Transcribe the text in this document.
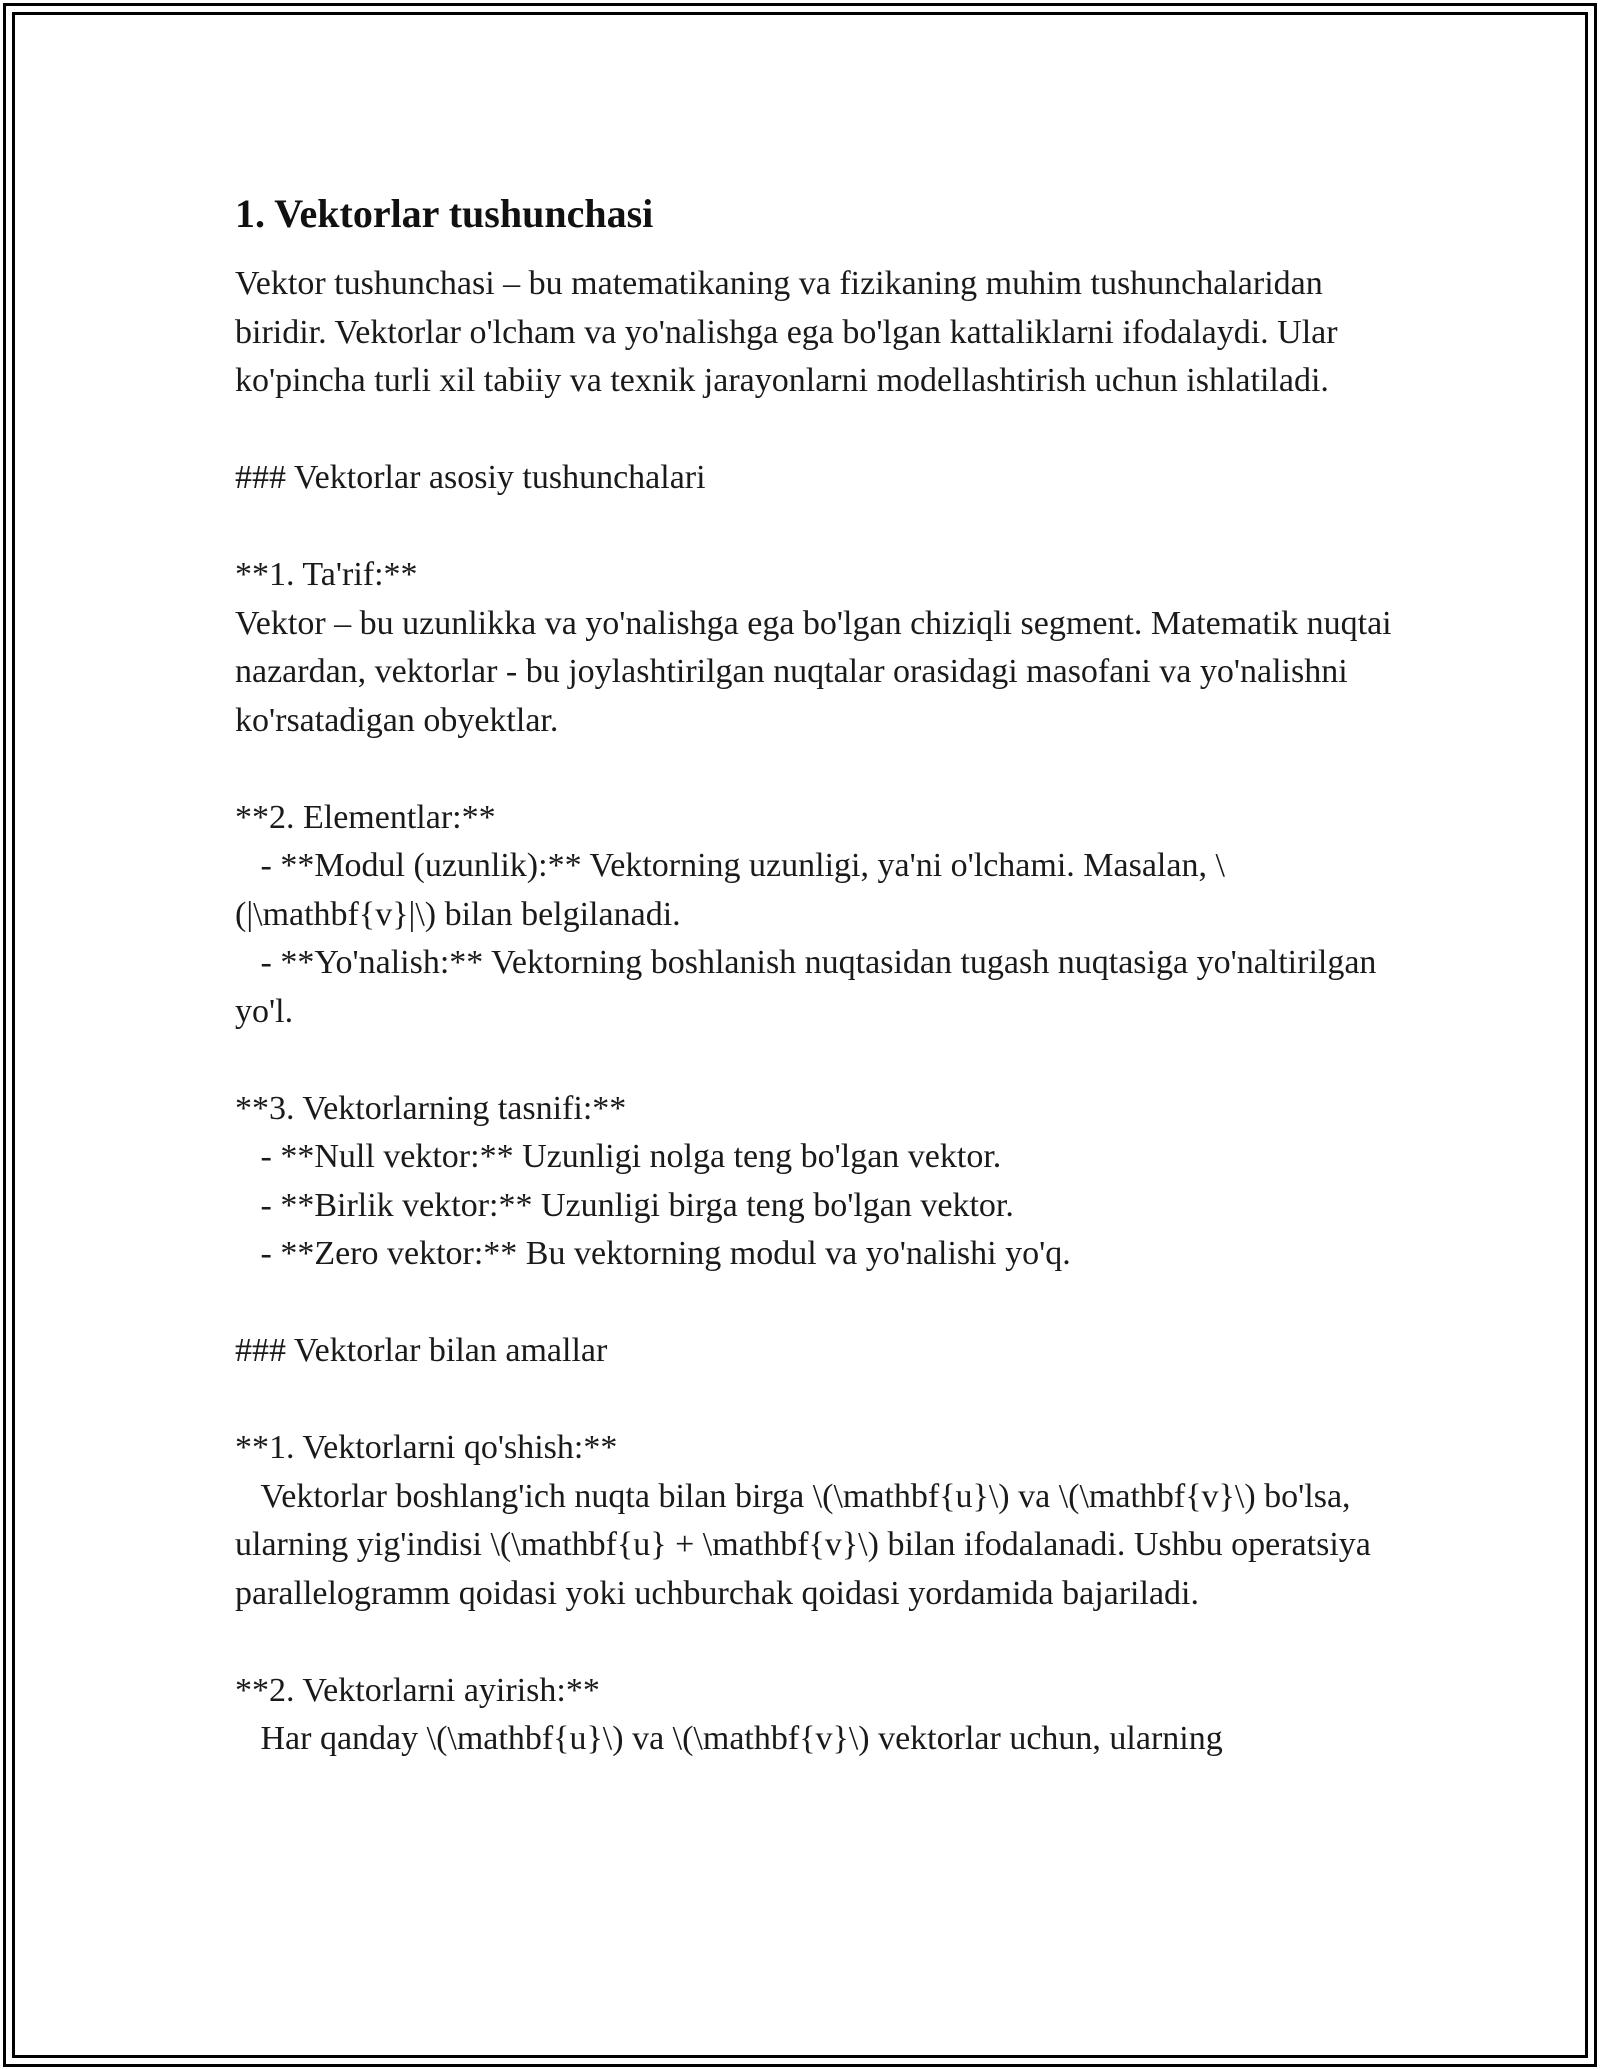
1. Vektorlar tushunchasi

Vektor tushunchasi – bu matematikaning va fizikaning muhim tushunchalaridan biridir. Vektorlar o'lcham va yo'nalishga ega bo'lgan kattaliklarni ifodalaydi. Ular ko'pincha turli xil tabiiy va texnik jarayonlarni modellashtirish uchun ishlatiladi.

### Vektorlar asosiy tushunchalari

**1. Ta'rif:**
Vektor – bu uzunlikka va yo'nalishga ega bo'lgan chiziqli segment. Matematik nuqtai nazardan, vektorlar - bu joylashtirilgan nuqtalar orasidagi masofani va yo'nalishni ko'rsatadigan obyektlar.

**2. Elementlar:**
- **Modul (uzunlik):** Vektorning uzunligi, ya'ni o'lchami. Masalan, \(|\mathbf{v}|\) bilan belgilanadi.
- **Yo'nalish:** Vektorning boshlanish nuqtasidan tugash nuqtasiga yo'naltirilgan yo'l.

**3. Vektorlarning tasnifi:**
- **Null vektor:** Uzunligi nolga teng bo'lgan vektor.
- **Birlik vektor:** Uzunligi birga teng bo'lgan vektor.
- **Zero vektor:** Bu vektorning modul va yo'nalishi yo'q.

### Vektorlar bilan amallar

**1. Vektorlarni qo'shish:**
Vektorlar boshlang'ich nuqta bilan birga \(\mathbf{u}\) va \(\mathbf{v}\) bo'lsa, ularning yig'indisi \(\mathbf{u} + \mathbf{v}\) bilan ifodalanadi. Ushbu operatsiya parallelogramm qoidasi yoki uchburchak qoidasi yordamida bajariladi.

**2. Vektorlarni ayirish:**
Har qanday \(\mathbf{u}\) va \(\mathbf{v}\) vektorlar uchun, ularning
